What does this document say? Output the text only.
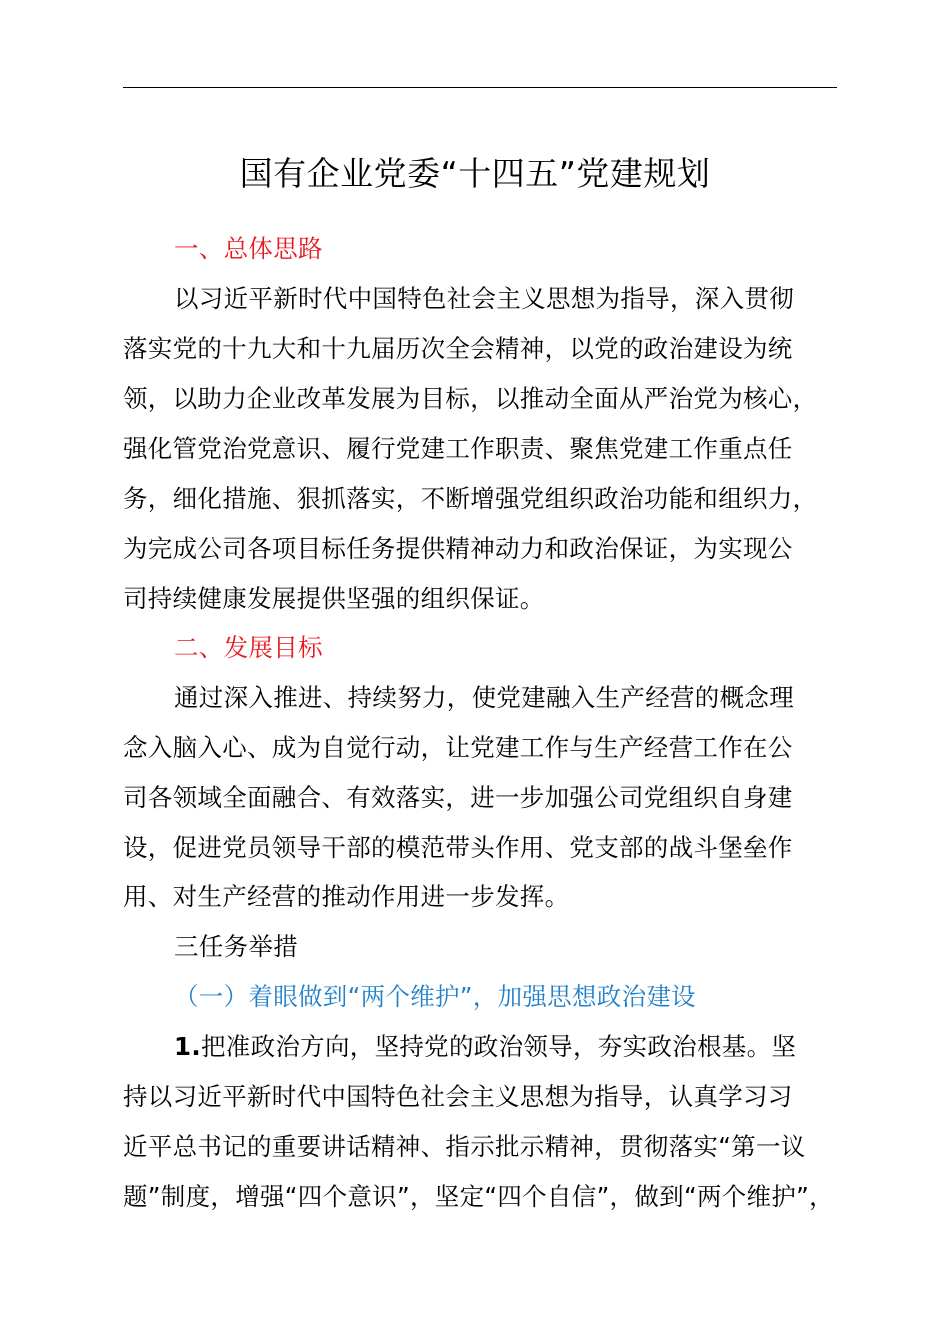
国有企业党委“十四五”党建规划
一、总体思路
以习近平新时代中国特色社会主义思想为指导，深入贯彻
落实党的十九大和十九届历次全会精神，以党的政治建设为统
领，以助力企业改革发展为目标，以推动全面从严治党为核心，
强化管党治党意识、履行党建工作职责、聚焦党建工作重点任
务，细化措施、狠抓落实，不断增强党组织政治功能和组织力，
为完成公司各项目标任务提供精神动力和政治保证，为实现公
司持续健康发展提供坚强的组织保证。
二、发展目标
通过深入推进、持续努力，使党建融入生产经营的概念理
念入脑入心、成为自觉行动，让党建工作与生产经营工作在公
司各领域全面融合、有效落实，进一步加强公司党组织自身建
设，促进党员领导干部的模范带头作用、党支部的战斗堡垒作
用、对生产经营的推动作用进一步发挥。
三任务举措
（一）着眼做到“两个维护”，加强思想政治建设
1.把准政治方向，坚持党的政治领导，夯实政治根基。坚
持以习近平新时代中国特色社会主义思想为指导，认真学习习
近平总书记的重要讲话精神、指示批示精神，贯彻落实“第一议
题”制度，增强“四个意识”，坚定“四个自信”，做到“两个维护”，
